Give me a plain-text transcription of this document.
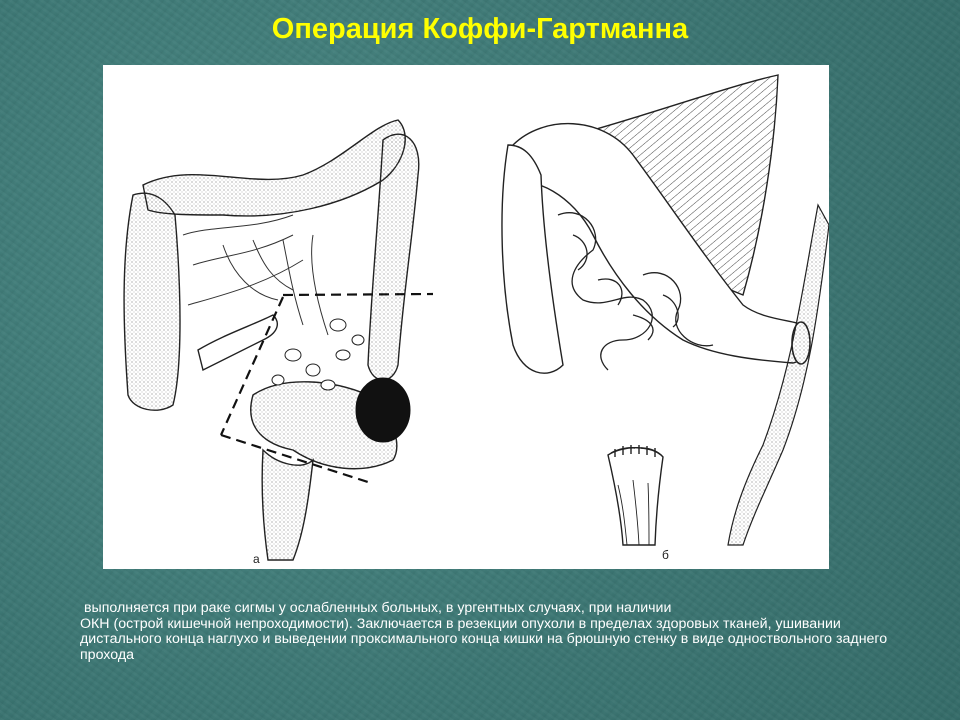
Операция Коффи-Гартманна
а	б
выполняется при раке сигмы у ослабленных больных, в ургентных случаях, при наличии
ОКН (острой кишечной непроходимости). Заключается в резекции опухоли в пределах здоровых тканей, ушивании дистального конца наглухо и выведении проксимального конца кишки на брюшную стенку в виде одноствольного заднего прохода
